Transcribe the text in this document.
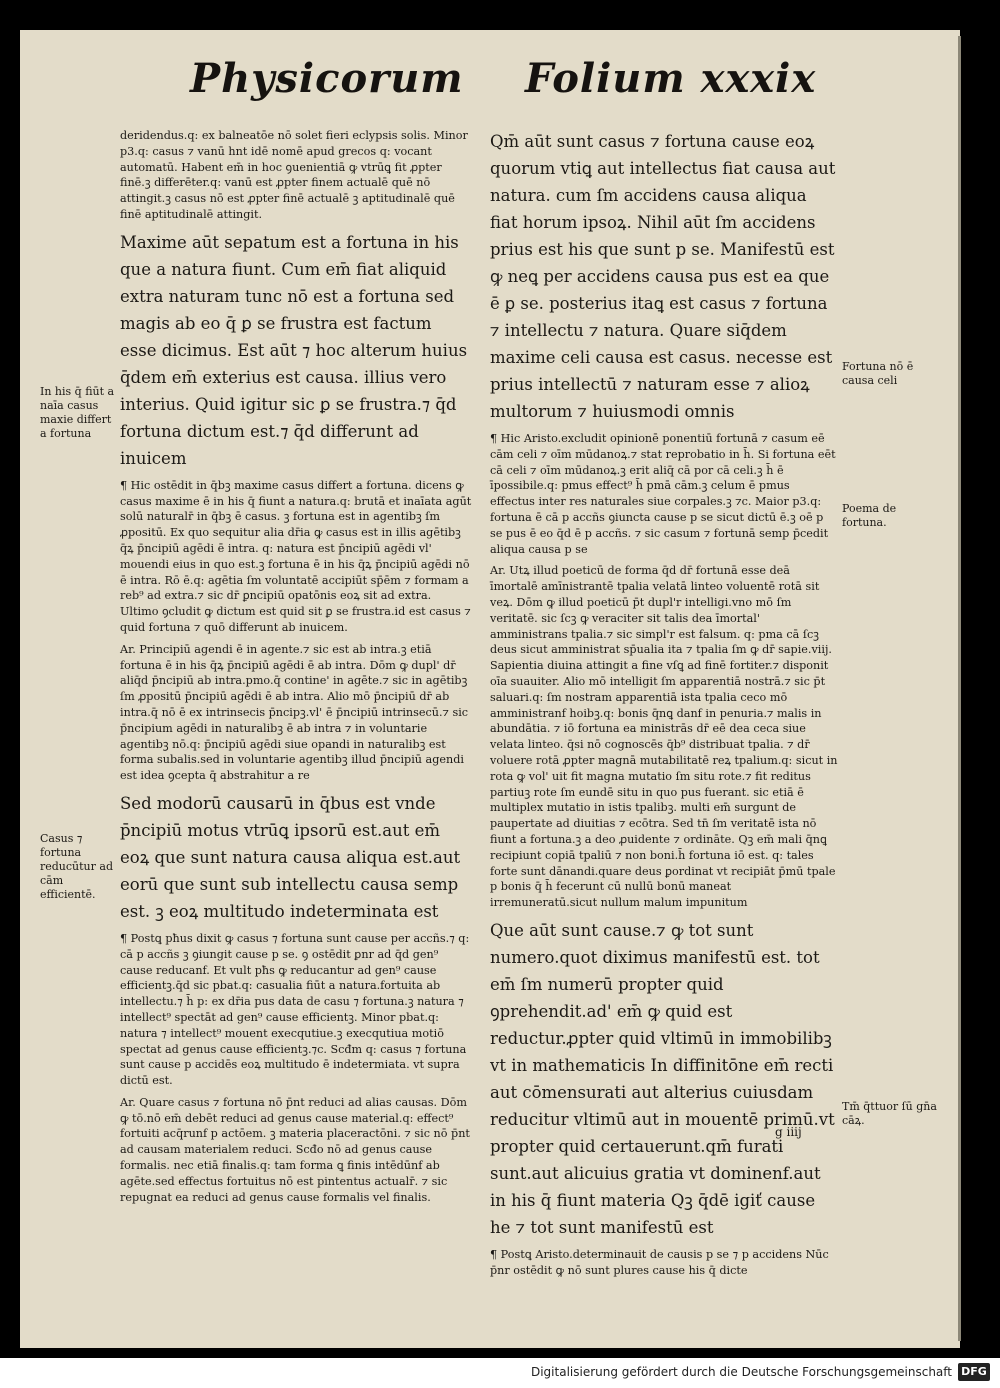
Physicorum Folium xxxix

deridendus.q: ex balneatōe nō solet fieri eclypsis solis. Minor p3.q: casus ⁊ vanū hnt idē nomē apud grecos q: vocant automatū. Habent em̄ in hoc ꝯuenientiā ꝙ vtrūꝗ fit ꝓpter finē.ꝫ differēter.q: vanū est ꝓpter finem actualē quē nō attingit.ꝫ casus nō est ꝓpter finē actualē ꝫ aptitudinalē quē finē aptitudinalē attingit.

Maxime aūt sepatum est a fortuna in his que a natura fiunt. Cum em̄ fiat aliquid extra naturam tunc nō est a fortuna sed magis ab eo q̄ ꝑ se frustra est factum esse dicimus. Est aūt ⁊ hoc alterum huius q̄dem em̄ exterius est causa. illius vero interius. Quid igitur sic ꝑ se frustra.⁊ q̄d fortuna dictum est.⁊ q̄d differunt ad inuicem

¶ Hic ostēdit in q̄bꝫ maxime casus differt a fortuna. dicens ꝙ casus maxime ē in his q̄ fiunt a natura.q: brutā et inaīata agūt solū naturalr̄ in q̄bꝫ ē casus. ꝫ fortuna est in agentibꝫ ſm ꝓpositū. Ex quo sequitur alia dr̄ia ꝙ casus est in illis agētibꝫ q̄ꝝ p̄ncipiū agēdi ē intra. q: natura est p̄ncipiū agēdi vl' mouendi eius in quo est.ꝫ fortuna ē in his q̄ꝝ p̄ncipiū agēdi nō ē intra. Rō ē.q: agētia ſm voluntatē accipiūt sp̄ēm ⁊ formam a reb⁹ ad extra.⁊ sic dr̄ ꝑncipiū opatōnis eoꝝ sit ad extra. Ultimo ꝯcludit ꝙ dictum est quid sit ꝑ se frustra.id est casus ⁊ quid fortuna ⁊ quō differunt ab inuicem.

Ar. Principiū agendi ē in agente.⁊ sic est ab intra.ꝫ etiā fortuna ē in his q̄ꝝ p̄ncipiū agēdi ē ab intra. Dōm ꝙ dupl' dr̄ aliq̄d p̄ncipiū ab intra.pmo.q̄ contine' in agēte.⁊ sic in agētibꝫ ſm ꝓpositū p̄ncipiū agēdi ē ab intra. Alio mō p̄ncipiū dr̄ ab intra.q̄ nō ē ex intrinsecis p̄ncipꝫ.vl' ē p̄ncipiū intrinsecū.⁊ sic p̄ncipium agēdi in naturalibꝫ ē ab intra ⁊ in voluntarie agentibꝫ nō.q: p̄ncipiū agēdi siue opandi in naturalibꝫ est forma subalis.sed in voluntarie agentibꝫ illud p̄ncipiū agendi est idea ꝯcepta q̄ abstrahitur a re

Sed modorū causarū in q̄bus est vnde p̄ncipiū motus vtrūꝗ ipsorū est.aut em̄ eoꝝ que sunt natura causa aliqua est.aut eorū que sunt sub intellectu causa semp est. ꝫ eoꝝ multitudo indeterminata est

¶ Postꝗ pħus dixit ꝙ casus ⁊ fortuna sunt cause per accñs.⁊ q: cā p accñs ꝫ ꝯiungit cause p se. ꝯ ostēdit ꝑnr ad q̄d gen⁹ cause reducanf. Et vult pħs ꝙ reducantur ad gen⁹ cause efficientꝫ.q̄d sic pbat.q: casualia fiūt a natura.fortuita ab intellectu.⁊ h̄ p: ex dr̄ia pus data de casu ⁊ fortuna.ꝫ natura ⁊ intellect⁹ spectāt ad gen⁹ cause efficientꝫ. Minor pbat.q: natura ⁊ intellect⁹ mouent execqutiue.ꝫ execqutiua motiō spectat ad genus cause efficientꝫ.⁊c. Scđm q: casus ⁊ fortuna sunt cause p accidēs eoꝝ multitudo ē indetermiata. vt supra dictū est.

Ar. Quare casus ⁊ fortuna nō p̄nt reduci ad alias causas. Dōm ꝙ tō.nō em̄ debēt reduci ad genus cause material.q: effect⁹ fortuiti acq̄runf p actōem. ꝫ materia placeractōni. ⁊ sic nō p̄nt ad causam materialem reduci. Scđo nō ad genus cause formalis. nec etiā finalis.q: tam forma ꝗ finis intēdūnf ab agēte.sed effectus fortuitus nō est pintentus actualr̄. ⁊ sic repugnat ea reduci ad genus cause formalis vel finalis.

Qm̄ aūt sunt casus ⁊ fortuna cause eoꝝ quorum vtiꝗ aut intellectus fiat causa aut natura. cum ſm accidens causa aliqua fiat horum ipsoꝝ. Nihil aūt ſm accidens prius est his que sunt p se. Manifestū est ꝙ neꝗ per accidens causa pus est ea que ē ꝑ se. posterius itaꝗ est casus ⁊ fortuna ⁊ intellectu ⁊ natura. Quare siq̄dem maxime celi causa est casus. necesse est prius intellectū ⁊ naturam esse ⁊ alioꝝ multorum ⁊ huiusmodi omnis

¶ Hic Aristo.excludit opinionē ponentiū fortunā ⁊ casum eē cām celi ⁊ oīm mūdanoꝝ.⁊ stat reprobatio in h̄. Si fortuna eēt cā celi ⁊ oīm mūdanoꝝ.ꝫ erit aliq̄ cā por cā celi.ꝫ h̄ ē īpossibile.q: pmus effect⁹ h̄ pmā cām.ꝫ celum ē pmus effectus inter res naturales siue corpales.ꝫ ⁊c. Maior p3.q: fortuna ē cā p accñs ꝯiuncta cause p se sicut dictū ē.ꝫ oē p se pus ē eo q̄d ē p accñs. ⁊ sic casum ⁊ fortunā semp p̄cedit aliqua causa p se

Ar. Utꝝ illud poeticū de forma q̄d dr̄ fortunā esse deā īmortalē amīnistrantē tpalia velatā linteo voluentē rotā sit veꝝ. Dōm ꝙ illud poeticū p̄t dupl'r intelligi.vno mō ſm veritatē. sic ſcꝫ ꝙ veraciter sit talis dea īmortal' amministrans tpalia.⁊ sic simpl'r est falsum. q: pma cā ſcꝫ deus sicut amministrat sp̄ualia ita ⁊ tpalia ſm ꝙ dr̄ sapie.viij. Sapientia diuina attingit a fine vſꝗ ad finē fortiter.⁊ disponit oīa suauiter. Alio mō intelligit ſm apparentiā nostrā.⁊ sic p̄t saluari.q: ſm nostram apparentiā ista tpalia ceco mō amministranf hoibꝫ.q: bonis q̄nꝗ danf in penuria.⁊ malis in abundātia. ⁊ iō fortuna ea ministrās dr̄ eē dea ceca siue velata linteo. q̄si nō cognoscēs q̄b⁹ distribuat tpalia. ⁊ dr̄ voluere rotā ꝓpter magnā mutabilitatē reꝝ tpalium.q: sicut in rota ꝙ vol' uit fit magna mutatio ſm situ rote.⁊ fit reditus partiuꝫ rote ſm eundē situ in quo pus fuerant. sic etiā ē multiplex mutatio in istis tpalibꝫ. multi em̄ surgunt de paupertate ad diuitias ⁊ ecōtra. Sed tn̄ ſm veritatē ista nō fiunt a fortuna.ꝫ a deo ꝓuidente ⁊ ordināte. Qꝫ em̄ mali q̄nꝗ recipiunt copiā tpaliū ⁊ non boni.h̄ fortuna iō est. q: tales forte sunt dānandi.quare deus ꝑordinat vt recipiāt p̄mū tpale p bonis q̄ h̄ fecerunt cū nullū bonū maneat irremuneratū.sicut nullum malum impunitum

Que aūt sunt cause.⁊ ꝙ tot sunt numero.quot diximus manifestū est. tot em̄ ſm numerū propter quid ꝯprehendit.ad' em̄ ꝙ quid est reductur.ꝓpter quid vltimū in immobilibꝫ vt in mathematicis In diffinitōne em̄ recti aut cōmensurati aut alterius cuiusdam reducitur vltimū aut in mouentē primū.vt propter quid certauerunt.qm̄ furati sunt.aut alicuius gratia vt dominenf.aut in his q̄ fiunt materia Qꝫ q̄dē igiť cause he ⁊ tot sunt manifestū est

¶ Postꝗ Aristo.determinauit de causis p se ⁊ p accidens Nūc p̄nr ostēdit ꝙ nō sunt plures cause his q̄ dicte

In his q̄ fiūt a naīa casus maxie differt a fortuna
Casus ⁊ fortuna reducūtur ad cām efficientē.
Fortuna nō ē causa celi
Poema de fortuna.
Tm̄ q̄ttuor ſū gn̄a cāꝝ.
g iiij
Digitalisierung gefördert durch die Deutsche Forschungsgemeinschaft DFG
